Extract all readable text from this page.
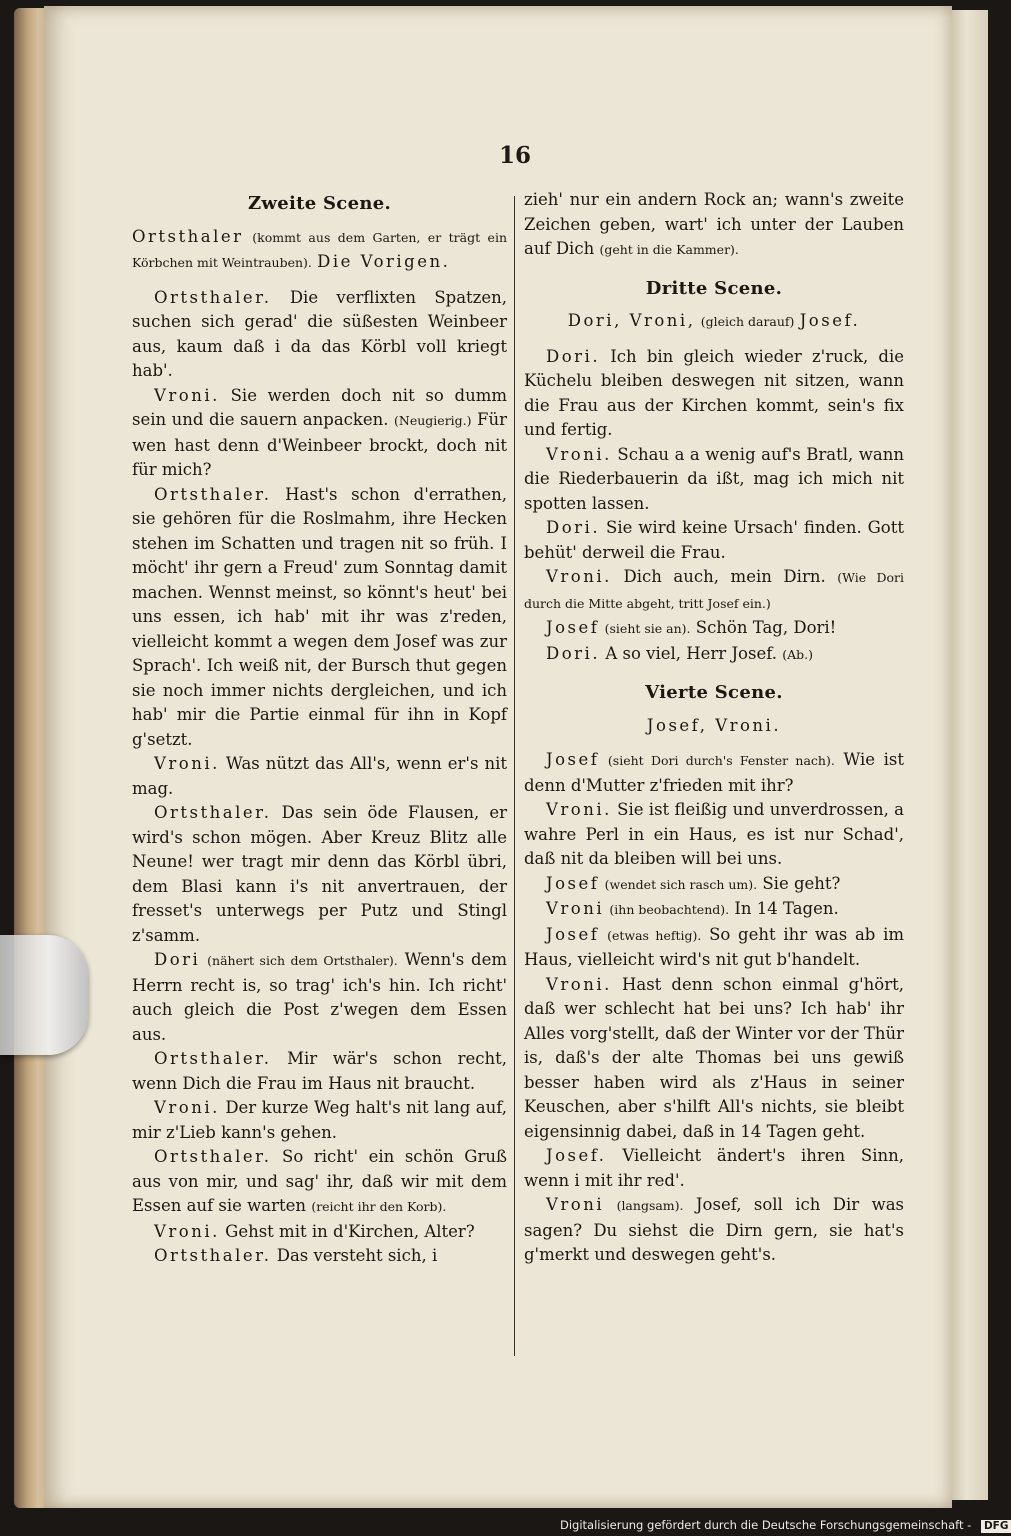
16
Zweite Scene.

Ortsthaler (kommt aus dem Garten, er trägt ein Körbchen mit Weintrauben). Die Vorigen.

Ortsthaler. Die verflixten Spatzen, suchen sich gerad' die süßesten Weinbeer aus, kaum daß i da das Körbl voll kriegt hab'.

Vroni. Sie werden doch nit so dumm sein und die sauern anpacken. (Neugierig.) Für wen hast denn d'Weinbeer brockt, doch nit für mich?

Ortsthaler. Hast's schon d'errathen, sie gehören für die Roslmahm, ihre Hecken stehen im Schatten und tragen nit so früh. I möcht' ihr gern a Freud' zum Sonntag damit machen. Wennst meinst, so könnt's heut' bei uns essen, ich hab' mit ihr was z'reden, vielleicht kommt a wegen dem Josef was zur Sprach'. Ich weiß nit, der Bursch thut gegen sie noch immer nichts dergleichen, und ich hab' mir die Partie einmal für ihn in Kopf g'setzt.

Vroni. Was nützt das All's, wenn er's nit mag.

Ortsthaler. Das sein öde Flausen, er wird's schon mögen. Aber Kreuz Blitz alle Neune! wer tragt mir denn das Körbl übri, dem Blasi kann i's nit anvertrauen, der fresset's unterwegs per Putz und Stingl z'samm.

Dori (nähert sich dem Ortsthaler). Wenn's dem Herrn recht is, so trag' ich's hin. Ich richt' auch gleich die Post z'wegen dem Essen aus.

Ortsthaler. Mir wär's schon recht, wenn Dich die Frau im Haus nit braucht.

Vroni. Der kurze Weg halt's nit lang auf, mir z'Lieb kann's gehen.

Ortsthaler. So richt' ein schön Gruß aus von mir, und sag' ihr, daß wir mit dem Essen auf sie warten (reicht ihr den Korb).

Vroni. Gehst mit in d'Kirchen, Alter?

Ortsthaler. Das versteht sich, i

zieh' nur ein andern Rock an; wann's zweite Zeichen geben, wart' ich unter der Lauben auf Dich (geht in die Kammer).

Dritte Scene.

Dori, Vroni, (gleich darauf) Josef.

Dori. Ich bin gleich wieder z'ruck, die Küchelu bleiben deswegen nit sitzen, wann die Frau aus der Kirchen kommt, sein's fix und fertig.

Vroni. Schau a a wenig auf's Bratl, wann die Riederbauerin da ißt, mag ich mich nit spotten lassen.

Dori. Sie wird keine Ursach' finden. Gott behüt' derweil die Frau.

Vroni. Dich auch, mein Dirn. (Wie Dori durch die Mitte abgeht, tritt Josef ein.)

Josef (sieht sie an). Schön Tag, Dori!

Dori. A so viel, Herr Josef. (Ab.)

Vierte Scene.

Josef, Vroni.

Josef (sieht Dori durch's Fenster nach). Wie ist denn d'Mutter z'frieden mit ihr?

Vroni. Sie ist fleißig und unverdrossen, a wahre Perl in ein Haus, es ist nur Schad', daß nit da bleiben will bei uns.

Josef (wendet sich rasch um). Sie geht?

Vroni (ihn beobachtend). In 14 Tagen.

Josef (etwas heftig). So geht ihr was ab im Haus, vielleicht wird's nit gut b'handelt.

Vroni. Hast denn schon einmal g'hört, daß wer schlecht hat bei uns? Ich hab' ihr Alles vorg'stellt, daß der Winter vor der Thür is, daß's der alte Thomas bei uns gewiß besser haben wird als z'Haus in seiner Keuschen, aber s'hilft All's nichts, sie bleibt eigensinnig dabei, daß in 14 Tagen geht.

Josef. Vielleicht ändert's ihren Sinn, wenn i mit ihr red'.

Vroni (langsam). Josef, soll ich Dir was sagen? Du siehst die Dirn gern, sie hat's g'merkt und deswegen geht's.

Digitalisierung gefördert durch die Deutsche Forschungsgemeinschaft - DFG
